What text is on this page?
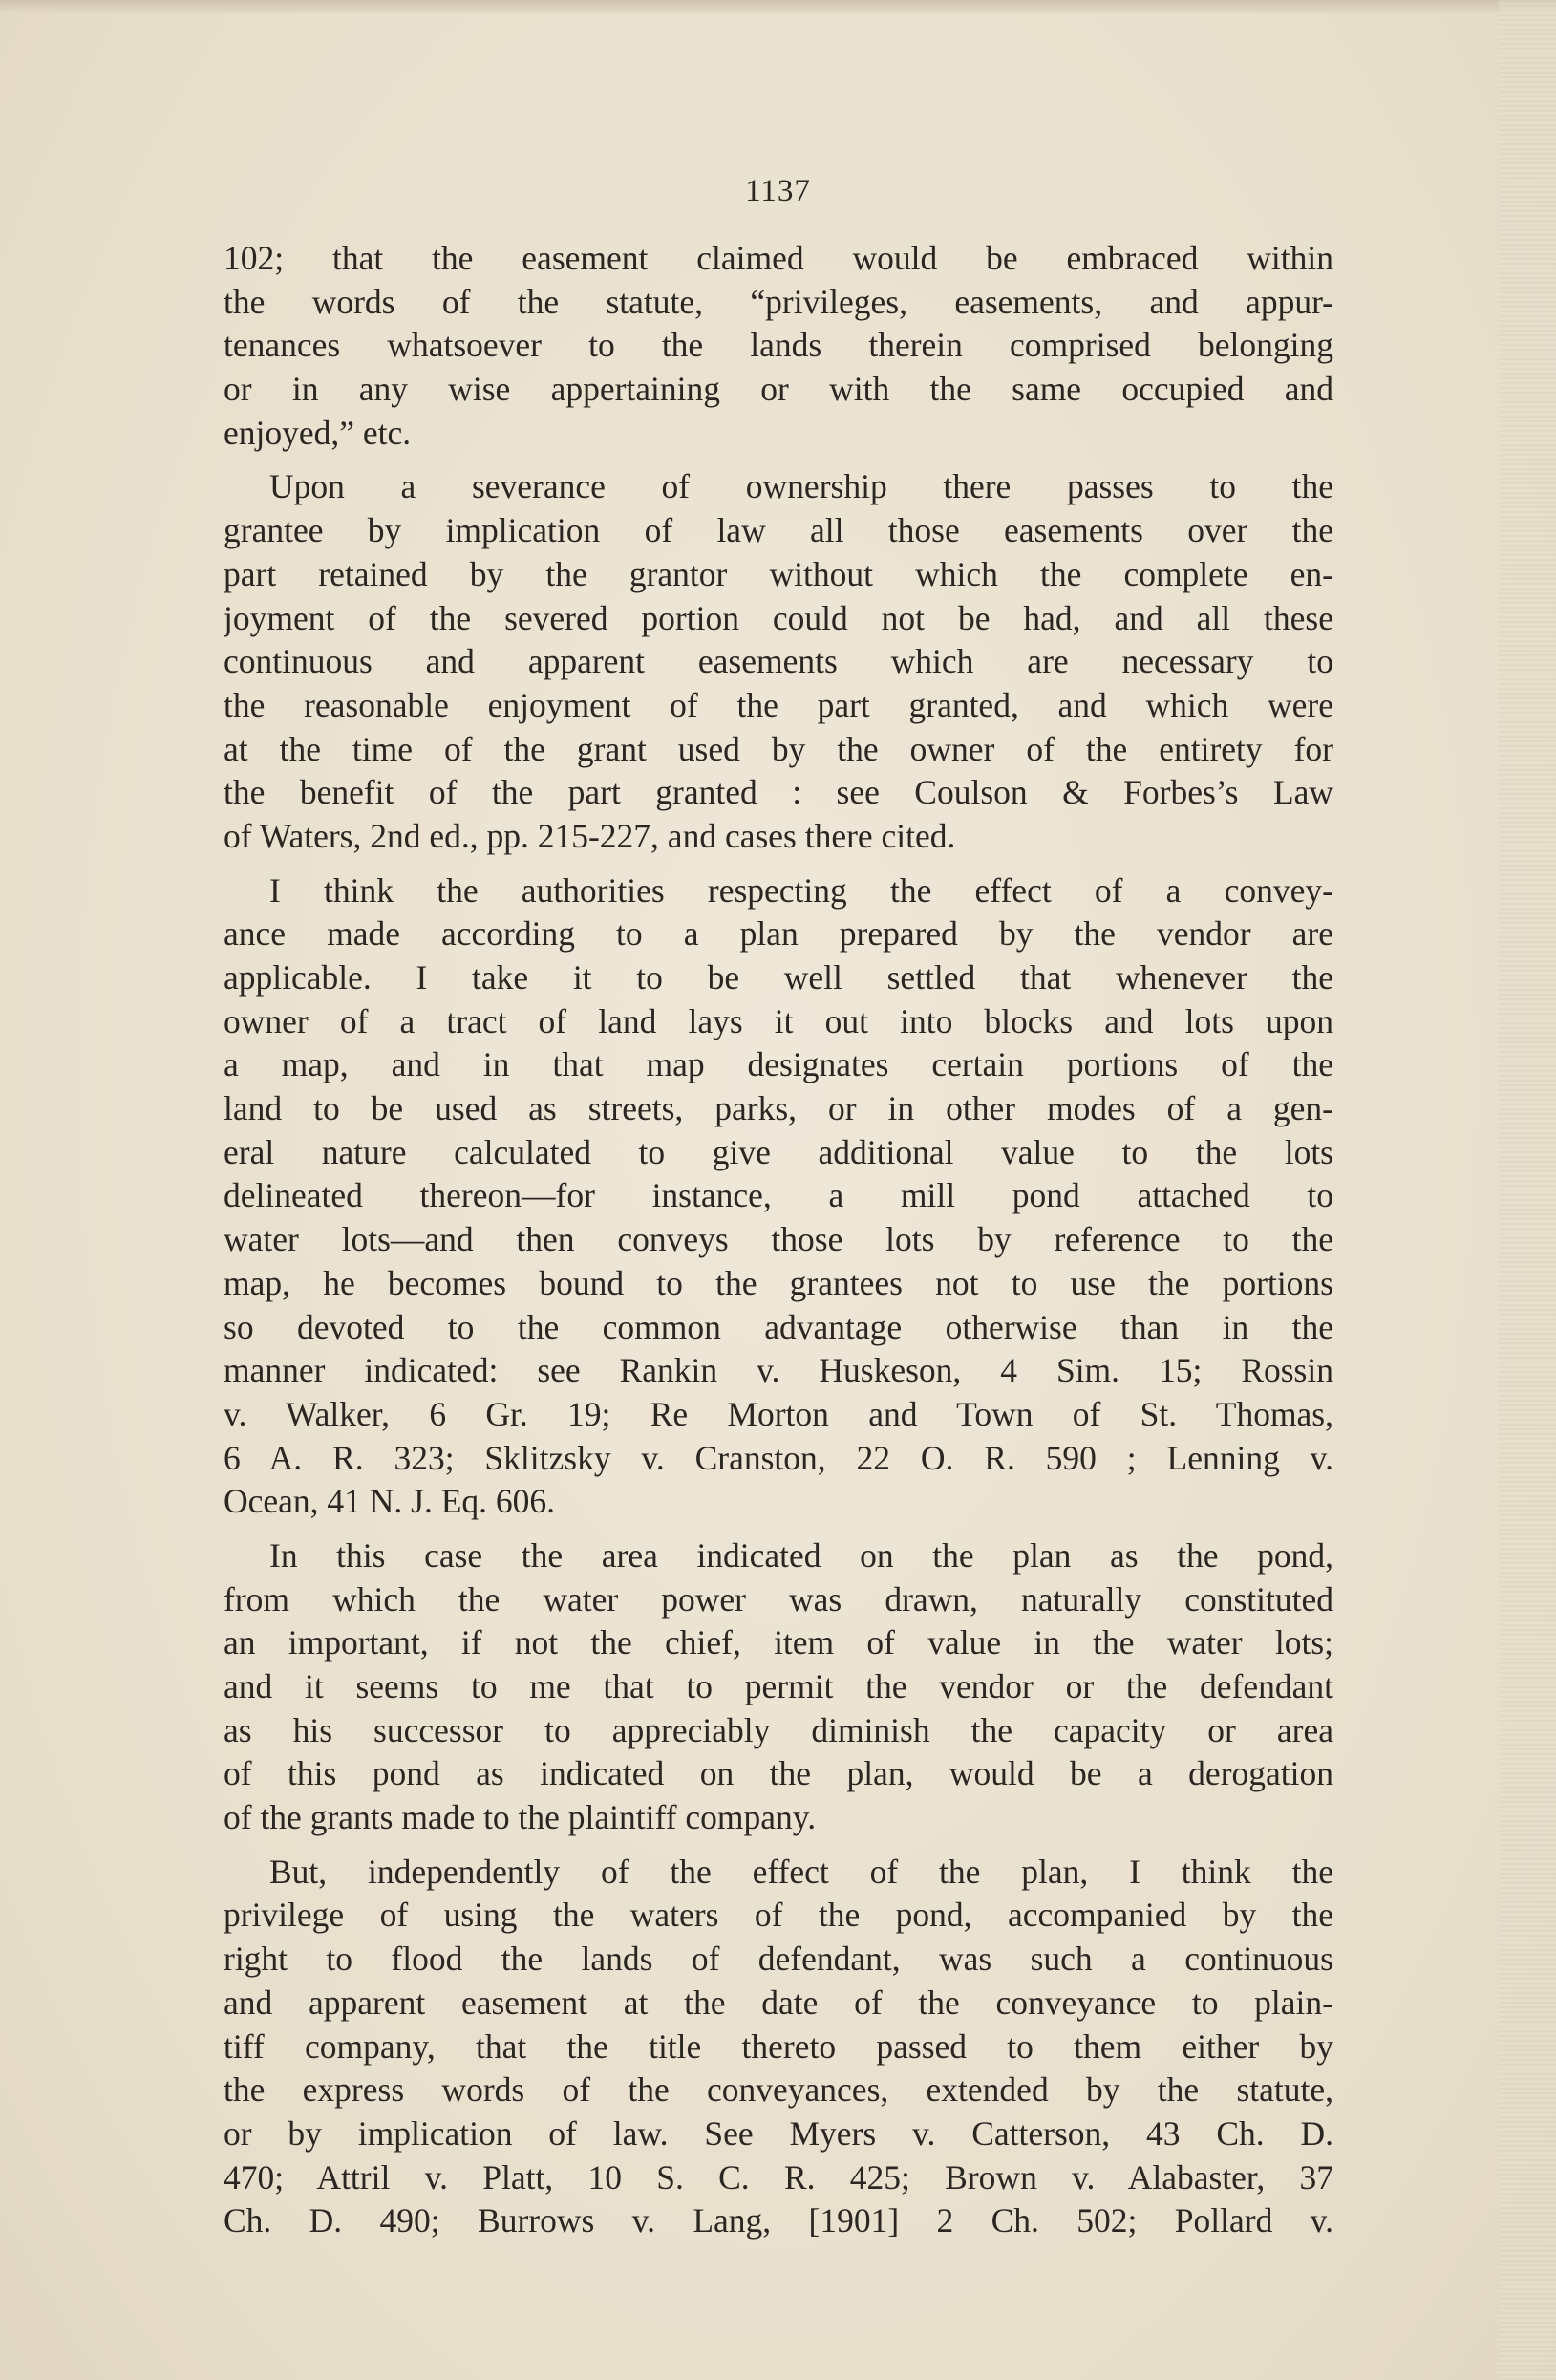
1137
102; that the easement claimed would be embraced within
the words of the statute, “privileges, easements, and appur-
tenances whatsoever to the lands therein comprised belonging
or in any wise appertaining or with the same occupied and
enjoyed,” etc.
Upon a severance of ownership there passes to the
grantee by implication of law all those easements over the
part retained by the grantor without which the complete en-
joyment of the severed portion could not be had, and all these
continuous and apparent easements which are necessary to
the reasonable enjoyment of the part granted, and which were
at the time of the grant used by the owner of the entirety for
the benefit of the part granted : see Coulson & Forbes’s Law
of Waters, 2nd ed., pp. 215-227, and cases there cited.
I think the authorities respecting the effect of a convey-
ance made according to a plan prepared by the vendor are
applicable. I take it to be well settled that whenever the
owner of a tract of land lays it out into blocks and lots upon
a map, and in that map designates certain portions of the
land to be used as streets, parks, or in other modes of a gen-
eral nature calculated to give additional value to the lots
delineated thereon—for instance, a mill pond attached to
water lots—and then conveys those lots by reference to the
map, he becomes bound to the grantees not to use the portions
so devoted to the common advantage otherwise than in the
manner indicated: see Rankin v. Huskeson, 4 Sim. 15; Rossin
v. Walker, 6 Gr. 19; Re Morton and Town of St. Thomas,
6 A. R. 323; Sklitzsky v. Cranston, 22 O. R. 590 ; Lenning v.
Ocean, 41 N. J. Eq. 606.
In this case the area indicated on the plan as the pond,
from which the water power was drawn, naturally constituted
an important, if not the chief, item of value in the water lots;
and it seems to me that to permit the vendor or the defendant
as his successor to appreciably diminish the capacity or area
of this pond as indicated on the plan, would be a derogation
of the grants made to the plaintiff company.
But, independently of the effect of the plan, I think the
privilege of using the waters of the pond, accompanied by the
right to flood the lands of defendant, was such a continuous
and apparent easement at the date of the conveyance to plain-
tiff company, that the title thereto passed to them either by
the express words of the conveyances, extended by the statute,
or by implication of law. See Myers v. Catterson, 43 Ch. D.
470; Attril v. Platt, 10 S. C. R. 425; Brown v. Alabaster, 37
Ch. D. 490; Burrows v. Lang, [1901] 2 Ch. 502; Pollard v.
